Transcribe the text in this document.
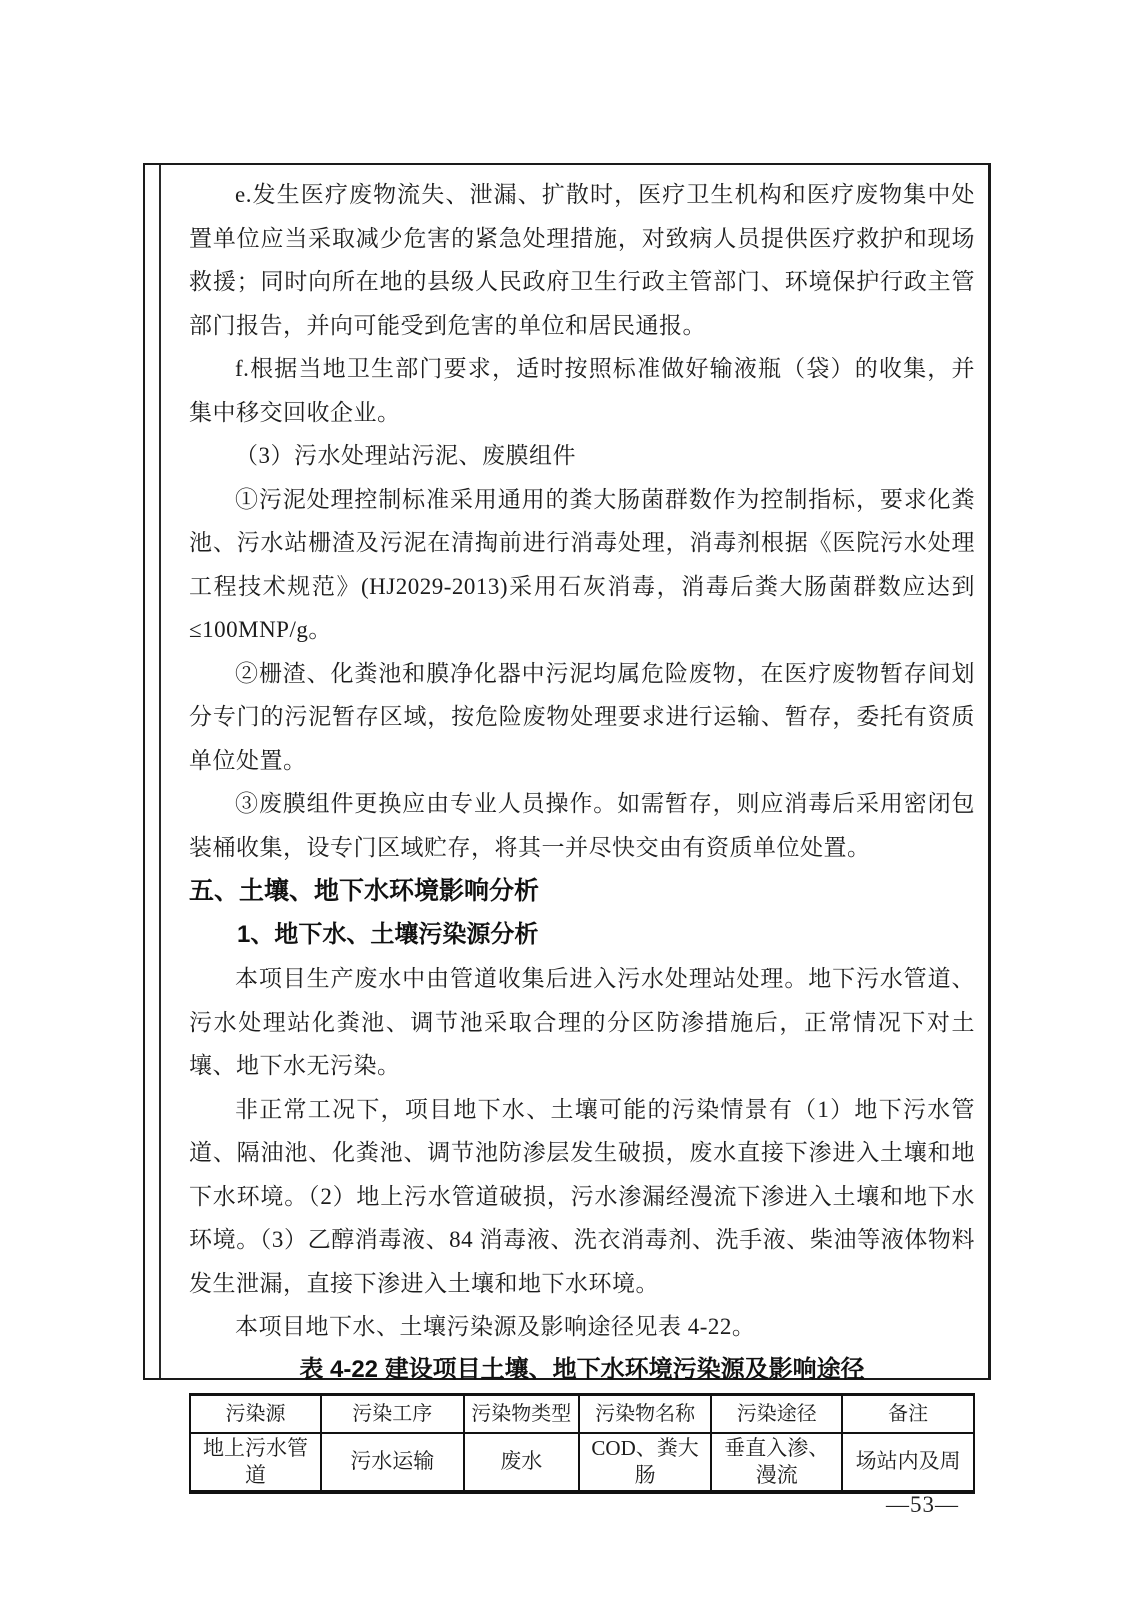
e.发生医疗废物流失、泄漏、扩散时，医疗卫生机构和医疗废物集中处置单位应当采取减少危害的紧急处理措施，对致病人员提供医疗救护和现场救援；同时向所在地的县级人民政府卫生行政主管部门、环境保护行政主管部门报告，并向可能受到危害的单位和居民通报。

f.根据当地卫生部门要求，适时按照标准做好输液瓶（袋）的收集，并集中移交回收企业。

（3）污水处理站污泥、废膜组件

①污泥处理控制标准采用通用的粪大肠菌群数作为控制指标，要求化粪池、污水站栅渣及污泥在清掏前进行消毒处理，消毒剂根据《医院污水处理工程技术规范》(HJ2029-2013)采用石灰消毒，消毒后粪大肠菌群数应达到≤100MNP/g。

②栅渣、化粪池和膜净化器中污泥均属危险废物，在医疗废物暂存间划分专门的污泥暂存区域，按危险废物处理要求进行运输、暂存，委托有资质单位处置。

③废膜组件更换应由专业人员操作。如需暂存，则应消毒后采用密闭包装桶收集，设专门区域贮存，将其一并尽快交由有资质单位处置。

五、土壤、地下水环境影响分析
1、地下水、土壤污染源分析

本项目生产废水中由管道收集后进入污水处理站处理。地下污水管道、污水处理站化粪池、调节池采取合理的分区防渗措施后，正常情况下对土壤、地下水无污染。

非正常工况下，项目地下水、土壤可能的污染情景有（1）地下污水管道、隔油池、化粪池、调节池防渗层发生破损，废水直接下渗进入土壤和地下水环境。（2）地上污水管道破损，污水渗漏经漫流下渗进入土壤和地下水环境。（3）乙醇消毒液、84 消毒液、洗衣消毒剂、洗手液、柴油等液体物料发生泄漏，直接下渗进入土壤和地下水环境。

本项目地下水、土壤污染源及影响途径见表 4-22。

表 4-22 建设项目土壤、地下水环境污染源及影响途径
污染源	污染工序	污染物类型	污染物名称	污染途径	备注
地上污水管道	污水运输	废水	COD、粪大肠	垂直入渗、漫流	场站内及周
—53—
